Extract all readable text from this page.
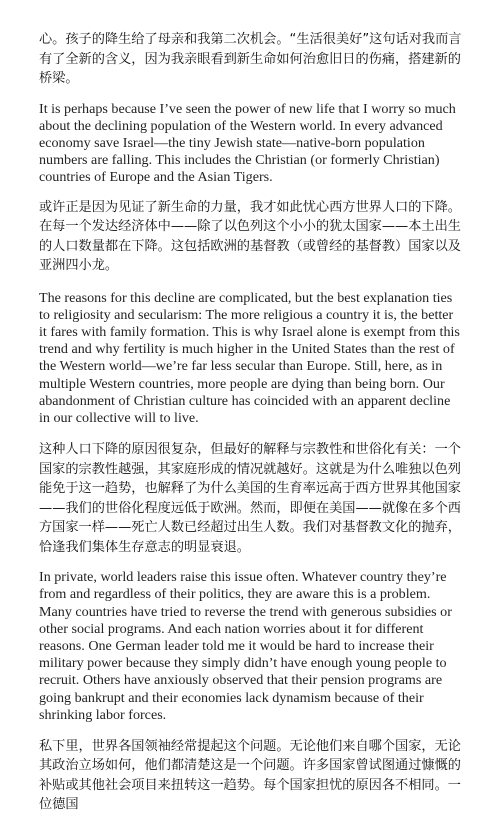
心。孩子的降生给了母亲和我第二次机会。“生活很美好”这句话对我而言有了全新的含义，因为我亲眼看到新生命如何治愈旧日的伤痛，搭建新的桥梁。

It is perhaps because I’ve seen the power of new life that I worry so much about the declining population of the Western world. In every advanced economy save Israel—the tiny Jewish state—native-born population numbers are falling. This includes the Christian (or formerly Christian) countries of Europe and the Asian Tigers.

或许正是因为见证了新生命的力量，我才如此忧心西方世界人口的下降。在每一个发达经济体中——除了以色列这个小小的犹太国家——本土出生的人口数量都在下降。这包括欧洲的基督教（或曾经的基督教）国家以及亚洲四小龙。

The reasons for this decline are complicated, but the best explanation ties to religiosity and secularism: The more religious a country it is, the better it fares with family formation. This is why Israel alone is exempt from this trend and why fertility is much higher in the United States than the rest of the Western world—we’re far less secular than Europe. Still, here, as in multiple Western countries, more people are dying than being born. Our abandonment of Christian culture has coincided with an apparent decline in our collective will to live.

这种人口下降的原因很复杂，但最好的解释与宗教性和世俗化有关：一个国家的宗教性越强，其家庭形成的情况就越好。这就是为什么唯独以色列能免于这一趋势，也解释了为什么美国的生育率远高于西方世界其他国家——我们的世俗化程度远低于欧洲。然而，即便在美国——就像在多个西方国家一样——死亡人数已经超过出生人数。我们对基督教文化的抛弃，恰逢我们集体生存意志的明显衰退。

In private, world leaders raise this issue often. Whatever country they’re from and regardless of their politics, they are aware this is a problem. Many countries have tried to reverse the trend with generous subsidies or other social programs. And each nation worries about it for different reasons. One German leader told me it would be hard to increase their military power because they simply didn’t have enough young people to recruit. Others have anxiously observed that their pension programs are going bankrupt and their economies lack dynamism because of their shrinking labor forces.

私下里，世界各国领袖经常提起这个问题。无论他们来自哪个国家，无论其政治立场如何，他们都清楚这是一个问题。许多国家曾试图通过慷慨的补贴或其他社会项目来扭转这一趋势。每个国家担忧的原因各不相同。一位德国
